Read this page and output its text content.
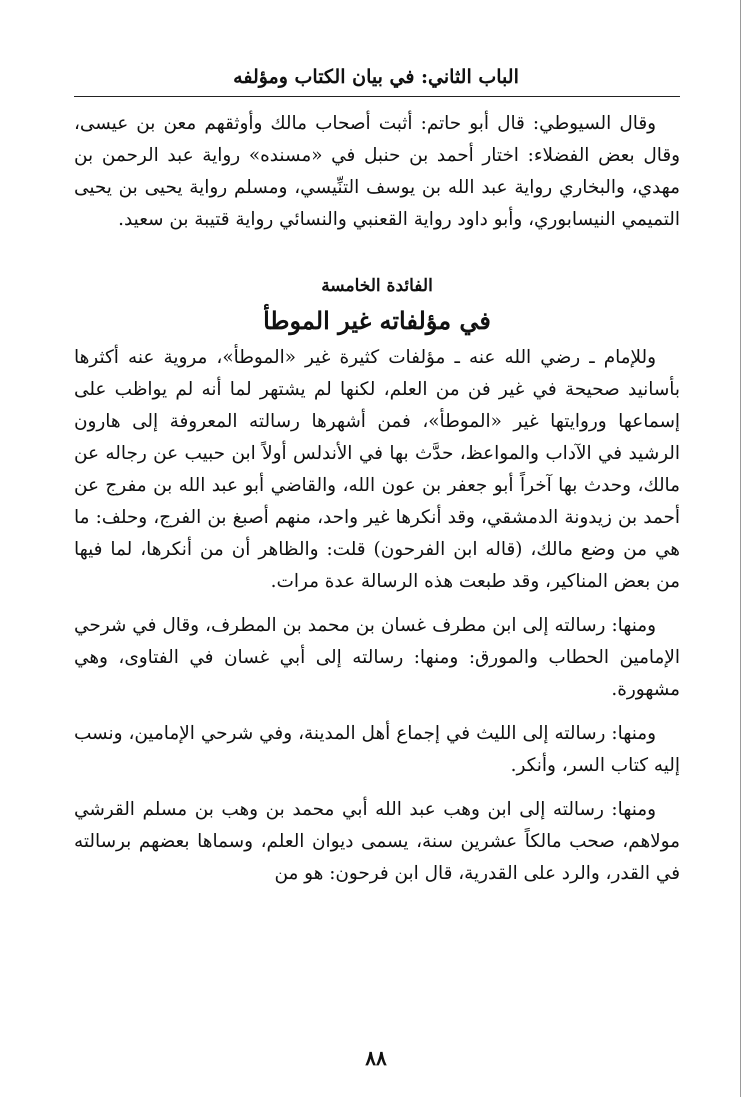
الباب الثاني: في بيان الكتاب ومؤلفه

وقال السيوطي: قال أبو حاتم: أثبت أصحاب مالك وأوثقهم معن بن عيسى، وقال بعض الفضلاء: اختار أحمد بن حنبل في «مسنده» رواية عبد الرحمن بن مهدي، والبخاري رواية عبد الله بن يوسف التنِّيسي، ومسلم رواية يحيى بن يحيى التميمي النيسابوري، وأبو داود رواية القعنبي والنسائي رواية قتيبة بن سعيد.

الفائدة الخامسة
في مؤلفاته غير الموطأ

وللإمام ـ رضي الله عنه ـ مؤلفات كثيرة غير «الموطأ»، مروية عنه أكثرها بأسانيد صحيحة في غير فن من العلم، لكنها لم يشتهر لما أنه لم يواظب على إسماعها وروايتها غير «الموطأ»، فمن أشهرها رسالته المعروفة إلى هارون الرشيد في الآداب والمواعظ، حدَّث بها في الأندلس أولاً ابن حبيب عن رجاله عن مالك، وحدث بها آخراً أبو جعفر بن عون الله، والقاضي أبو عبد الله بن مفرج عن أحمد بن زيدونة الدمشقي، وقد أنكرها غير واحد، منهم أصبغ بن الفرج، وحلف: ما هي من وضع مالك، (قاله ابن الفرحون) قلت: والظاهر أن من أنكرها، لما فيها من بعض المناكير، وقد طبعت هذه الرسالة عدة مرات.

ومنها: رسالته إلى ابن مطرف غسان بن محمد بن المطرف، وقال في شرحي الإمامين الحطاب والمورق: ومنها: رسالته إلى أبي غسان في الفتاوى، وهي مشهورة.

ومنها: رسالته إلى الليث في إجماع أهل المدينة، وفي شرحي الإمامين، ونسب إليه كتاب السر، وأنكر.

ومنها: رسالته إلى ابن وهب عبد الله أبي محمد بن وهب بن مسلم القرشي مولاهم، صحب مالكاً عشرين سنة، يسمى ديوان العلم، وسماها بعضهم برسالته في القدر، والرد على القدرية، قال ابن فرحون: هو من

٨٨
